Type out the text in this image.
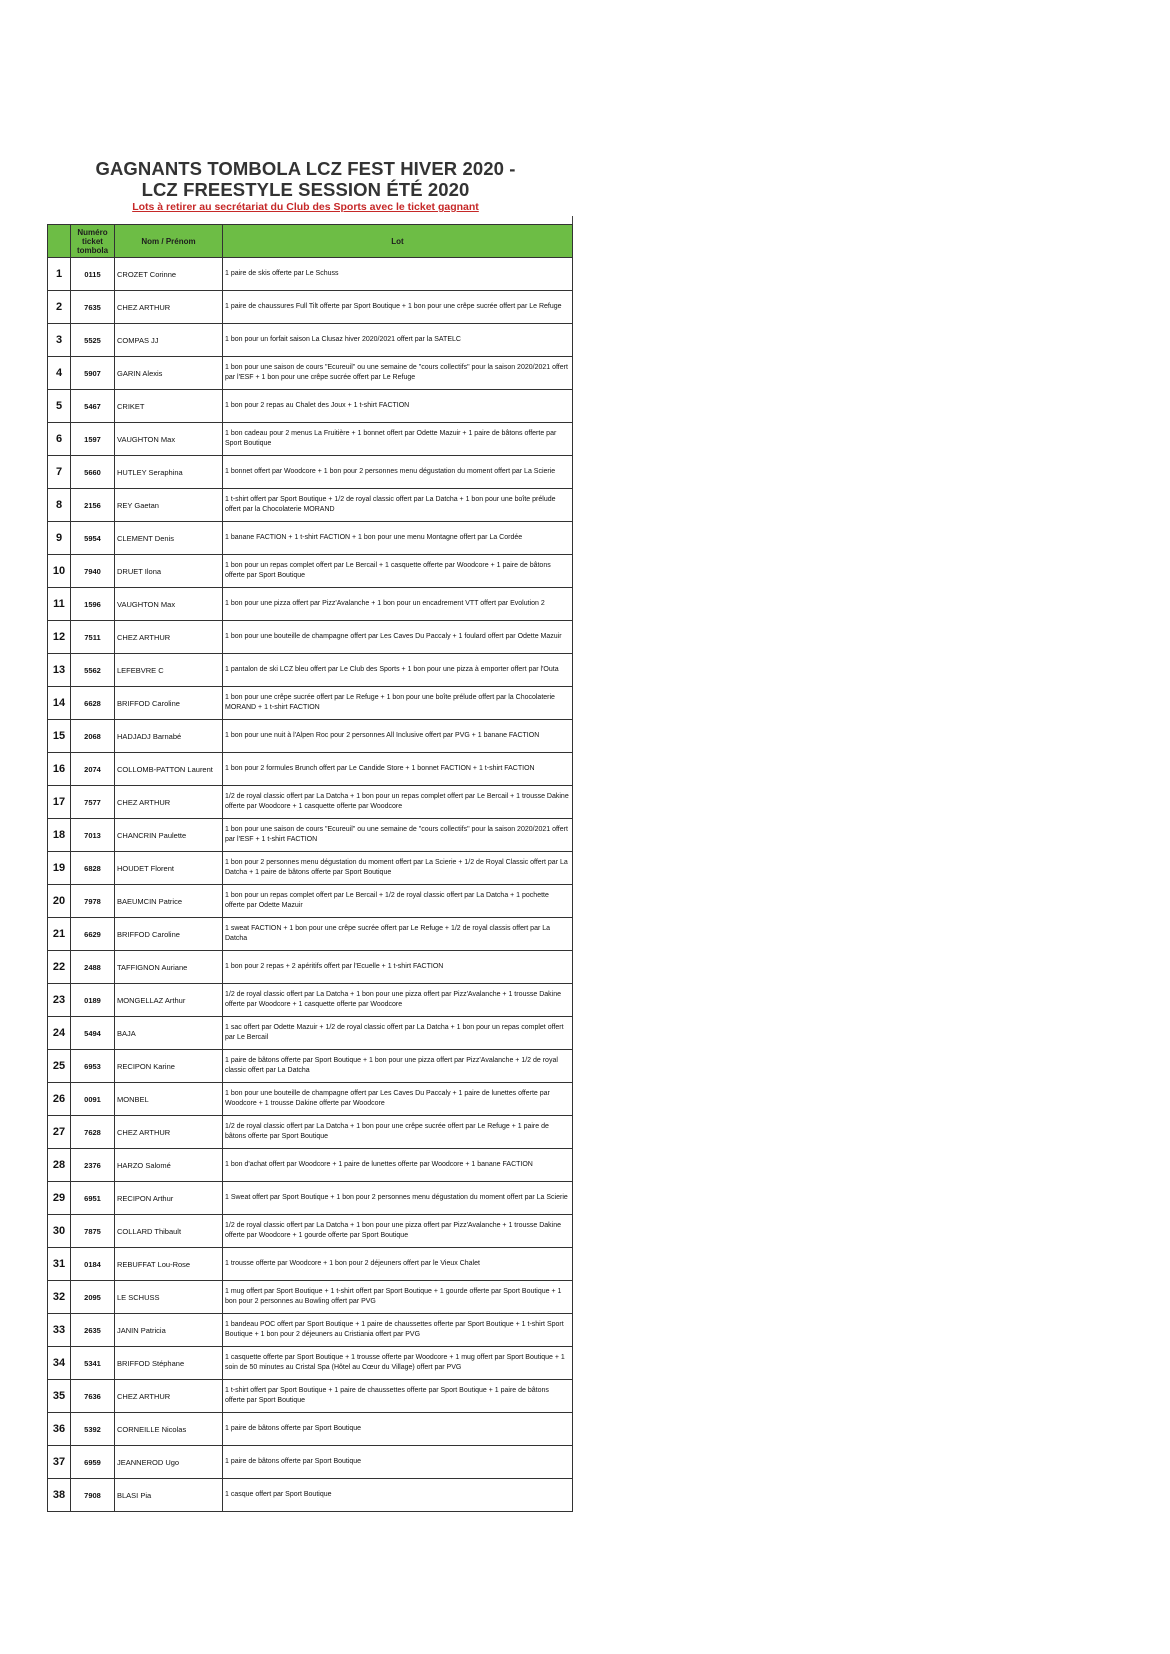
GAGNANTS TOMBOLA LCZ FEST HIVER 2020 -
LCZ FREESTYLE SESSION ÉTÉ 2020
Lots à retirer au secrétariat du Club des Sports avec le ticket gagnant
	Numéro ticket tombola	Nom / Prénom	Lot
1	0115	CROZET Corinne	1 paire de skis offerte par Le Schuss
2	7635	CHEZ ARTHUR	1 paire de chaussures Full Tilt offerte par Sport Boutique + 1 bon pour une crêpe sucrée offert par Le Refuge
3	5525	COMPAS JJ	1 bon pour un forfait saison La Clusaz hiver 2020/2021 offert par la SATELC
4	5907	GARIN Alexis	1 bon pour une saison de cours "Ecureuil" ou une semaine de "cours collectifs" pour la saison 2020/2021 offert par l'ESF + 1 bon pour une crêpe sucrée offert par Le Refuge
5	5467	CRIKET	1 bon pour 2 repas au Chalet des Joux + 1 t-shirt FACTION
6	1597	VAUGHTON Max	1 bon cadeau pour 2 menus La Fruitière + 1 bonnet offert par Odette Mazuir + 1 paire de bâtons offerte par Sport Boutique
7	5660	HUTLEY Seraphina	1 bonnet offert par Woodcore + 1 bon pour 2 personnes menu dégustation du moment offert par La Scierie
8	2156	REY Gaetan	1 t-shirt offert par Sport Boutique + 1/2 de royal classic offert par La Datcha + 1 bon pour une boîte prélude offert par la Chocolaterie MORAND
9	5954	CLEMENT Denis	1 banane FACTION + 1 t-shirt FACTION + 1 bon pour une menu Montagne offert par La Cordée
10	7940	DRUET Ilona	1 bon pour un repas complet offert par Le Bercail + 1 casquette offerte par Woodcore + 1 paire de bâtons offerte par Sport Boutique
11	1596	VAUGHTON Max	1 bon pour une pizza offert par Pizz'Avalanche + 1 bon pour un encadrement VTT offert par Evolution 2
12	7511	CHEZ ARTHUR	1 bon pour une bouteille de champagne offert par Les Caves Du Paccaly + 1 foulard offert par Odette Mazuir
13	5562	LEFEBVRE C	1 pantalon de ski LCZ bleu offert par Le Club des Sports + 1 bon pour une pizza à emporter offert par l'Outa
14	6628	BRIFFOD Caroline	1 bon pour une crêpe sucrée offert par Le Refuge + 1 bon pour une boîte prélude offert par la Chocolaterie MORAND + 1 t-shirt FACTION
15	2068	HADJADJ Barnabé	1 bon pour une nuit à l'Alpen Roc pour 2 personnes All Inclusive offert par PVG + 1 banane FACTION
16	2074	COLLOMB-PATTON Laurent	1 bon pour 2 formules Brunch offert par Le Candide Store + 1 bonnet FACTION + 1 t-shirt FACTION
17	7577	CHEZ ARTHUR	1/2 de royal classic offert par La Datcha + 1 bon pour un repas complet offert par Le Bercail + 1 trousse Dakine offerte par Woodcore + 1 casquette offerte par Woodcore
18	7013	CHANCRIN Paulette	1 bon pour une saison de cours "Ecureuil" ou une semaine de "cours collectifs" pour la saison 2020/2021 offert par l'ESF + 1 t-shirt FACTION
19	6828	HOUDET Florent	1 bon pour 2 personnes menu dégustation du moment offert par La Scierie + 1/2 de Royal Classic offert par La Datcha + 1 paire de bâtons offerte par Sport Boutique
20	7978	BAEUMCIN Patrice	1 bon pour un repas complet offert par Le Bercail + 1/2 de royal classic offert par La Datcha + 1 pochette offerte par Odette Mazuir
21	6629	BRIFFOD Caroline	1 sweat FACTION + 1 bon pour une crêpe sucrée offert par Le Refuge + 1/2 de royal classis offert par La Datcha
22	2488	TAFFIGNON Auriane	1 bon pour 2 repas + 2 apéritifs offert par l'Ecuelle + 1 t-shirt FACTION
23	0189	MONGELLAZ Arthur	1/2 de royal classic offert par La Datcha + 1 bon pour une pizza offert par Pizz'Avalanche + 1 trousse Dakine offerte par Woodcore + 1 casquette offerte par Woodcore
24	5494	BAJA	1 sac offert par Odette Mazuir + 1/2 de royal classic offert par La Datcha + 1 bon pour un repas complet offert par Le Bercail
25	6953	RECIPON Karine	1 paire de bâtons offerte par Sport Boutique + 1 bon pour une pizza offert par Pizz'Avalanche + 1/2 de royal classic offert par La Datcha
26	0091	MONBEL	1 bon pour une bouteille de champagne offert par Les Caves Du Paccaly + 1 paire de lunettes offerte par Woodcore + 1 trousse Dakine offerte par Woodcore
27	7628	CHEZ ARTHUR	1/2 de royal classic offert par La Datcha + 1 bon pour une crêpe sucrée offert par Le Refuge + 1 paire de bâtons offerte par Sport Boutique
28	2376	HARZO Salomé	1 bon d'achat offert par Woodcore + 1 paire de lunettes offerte par Woodcore + 1 banane FACTION
29	6951	RECIPON Arthur	1 Sweat offert par Sport Boutique + 1 bon pour 2 personnes menu dégustation du moment offert par La Scierie
30	7875	COLLARD Thibault	1/2 de royal classic offert par La Datcha + 1 bon pour une pizza offert par Pizz'Avalanche + 1 trousse Dakine offerte par Woodcore + 1 gourde offerte par Sport Boutique
31	0184	REBUFFAT Lou-Rose	1 trousse offerte par Woodcore + 1 bon pour 2 déjeuners offert par le Vieux Chalet
32	2095	LE SCHUSS	1 mug offert par Sport Boutique + 1 t-shirt offert par Sport Boutique + 1 gourde offerte par Sport Boutique + 1 bon pour 2 personnes au Bowling offert par PVG
33	2635	JANIN Patricia	1 bandeau POC offert par Sport Boutique + 1 paire de chaussettes offerte par Sport Boutique + 1 t-shirt Sport Boutique + 1 bon pour 2 déjeuners au Cristiania offert par PVG
34	5341	BRIFFOD Stéphane	1 casquette offerte par Sport Boutique + 1 trousse offerte par Woodcore + 1 mug offert par Sport Boutique + 1 soin de 50 minutes au Cristal Spa (Hôtel au Cœur du Village) offert par PVG
35	7636	CHEZ ARTHUR	1 t-shirt offert par Sport Boutique + 1 paire de chaussettes offerte par Sport Boutique + 1 paire de bâtons offerte par Sport Boutique
36	5392	CORNEILLE Nicolas	1 paire de bâtons offerte par Sport Boutique
37	6959	JEANNEROD Ugo	1 paire de bâtons offerte par Sport Boutique
38	7908	BLASI Pia	1 casque offert par Sport Boutique
